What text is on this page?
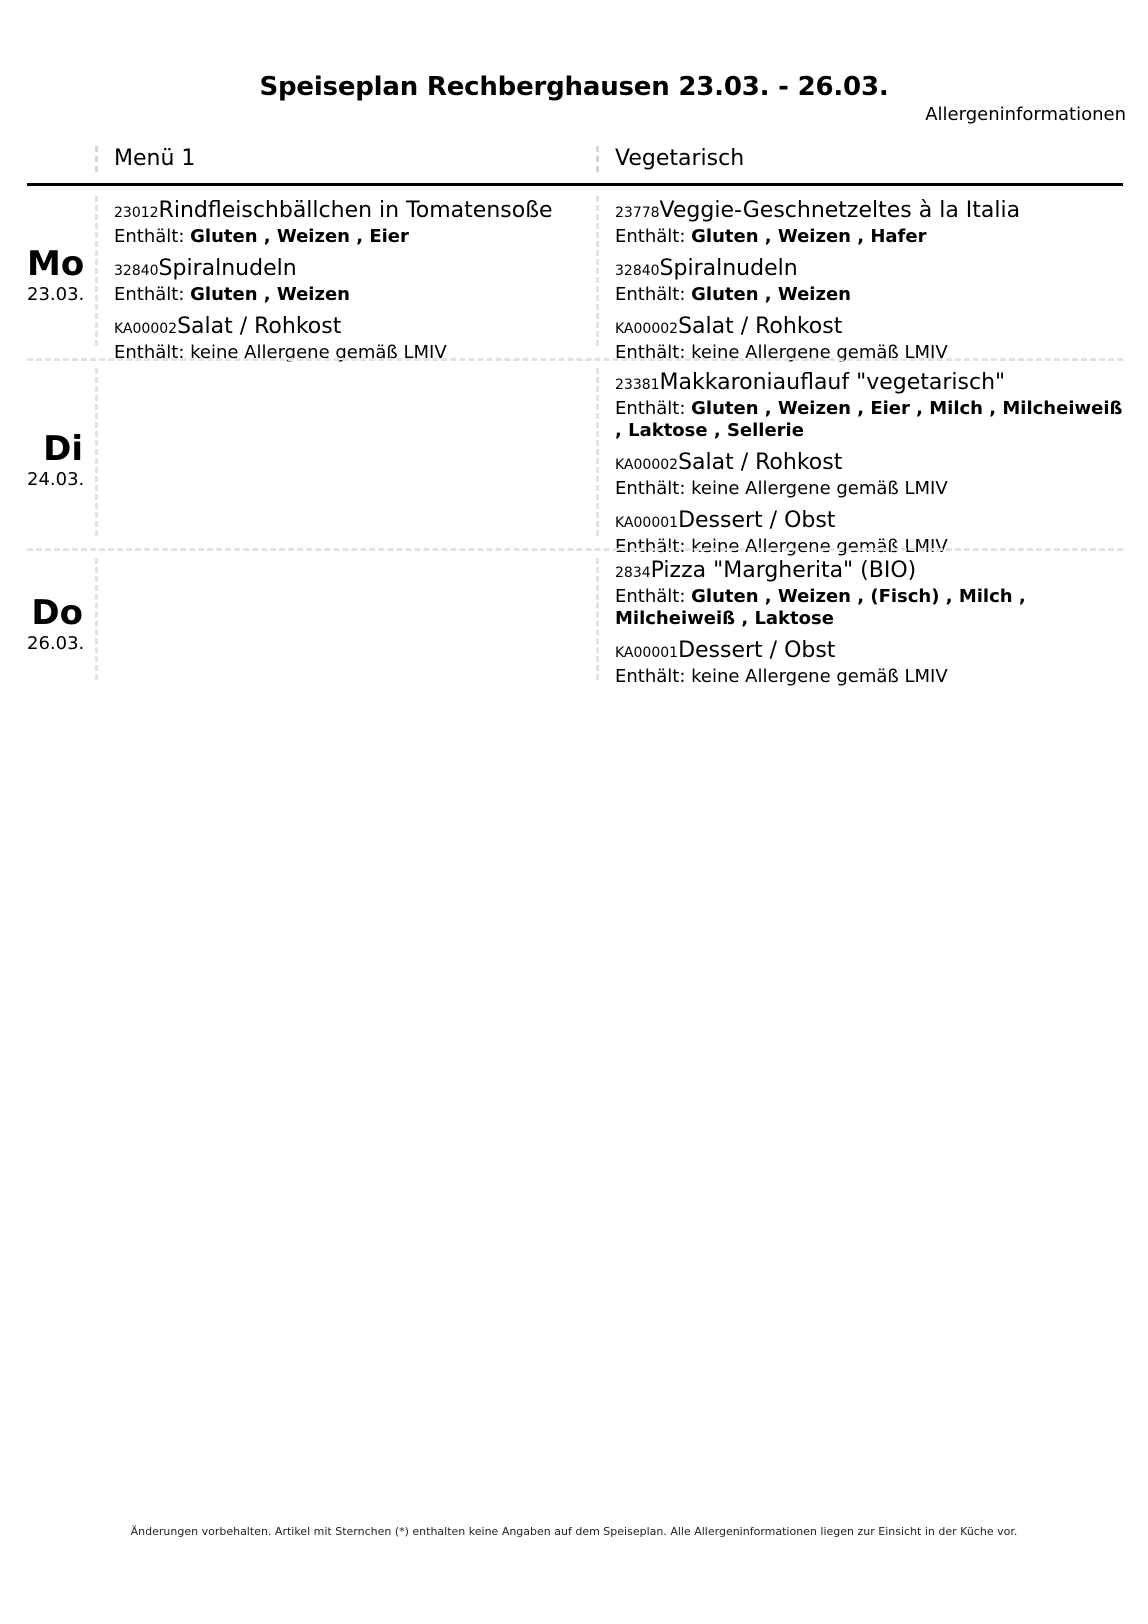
Speiseplan Rechberghausen 23.03. - 26.03.
Allergeninformationen
Menü 1	Vegetarisch
Mo
23.03.
23012Rindfleischbällchen in Tomatensoße
Enthält: Gluten , Weizen , Eier
32840Spiralnudeln
Enthält: Gluten , Weizen
KA00002Salat / Rohkost
Enthält: keine Allergene gemäß LMIV
23778Veggie-Geschnetzeltes à la Italia
Enthält: Gluten , Weizen , Hafer
32840Spiralnudeln
Enthält: Gluten , Weizen
KA00002Salat / Rohkost
Enthält: keine Allergene gemäß LMIV
Di
24.03.
23381Makkaroniauflauf "vegetarisch"
Enthält: Gluten , Weizen , Eier , Milch , Milcheiweiß
, Laktose , Sellerie
KA00002Salat / Rohkost
Enthält: keine Allergene gemäß LMIV
KA00001Dessert / Obst
Enthält: keine Allergene gemäß LMIV
Do
26.03.
2834Pizza "Margherita" (BIO)
Enthält: Gluten , Weizen , (Fisch) , Milch ,
Milcheiweiß , Laktose
KA00001Dessert / Obst
Enthält: keine Allergene gemäß LMIV
Änderungen vorbehalten. Artikel mit Sternchen (*) enthalten keine Angaben auf dem Speiseplan. Alle Allergeninformationen liegen zur Einsicht in der Küche vor.
